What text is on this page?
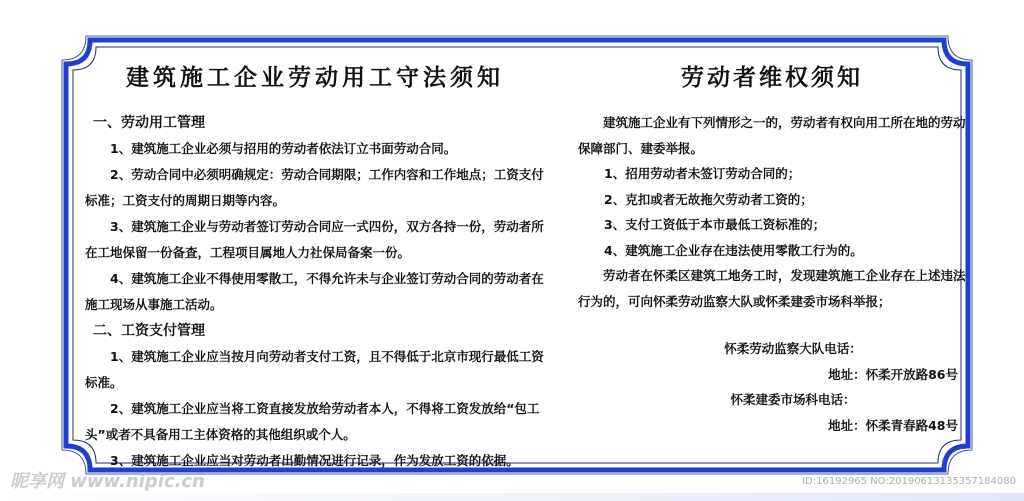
建筑施工企业劳动用工守法须知
一、劳动用工管理
1、建筑施工企业必须与招用的劳动者依法订立书面劳动合同。
2、劳动合同中必须明确规定：劳动合同期限；工作内容和工作地点；工资支付标准；工资支付的周期日期等内容。
3、建筑施工企业与劳动者签订劳动合同应一式四份，双方各持一份，劳动者所在工地保留一份备查，工程项目属地人力社保局备案一份。
4、建筑施工企业不得使用零散工，不得允许未与企业签订劳动合同的劳动者在施工现场从事施工活动。
二、工资支付管理
1、建筑施工企业应当按月向劳动者支付工资，且不得低于北京市现行最低工资标准。
2、建筑施工企业应当将工资直接发放给劳动者本人，不得将工资发放给“包工头”或者不具备用工主体资格的其他组织或个人。
3、建筑施工企业应当对劳动者出勤情况进行记录，作为发放工资的依据。
劳动者维权须知
建筑施工企业有下列情形之一的，劳动者有权向用工所在地的劳动保障部门、建委举报。
1、招用劳动者未签订劳动合同的；
2、克扣或者无故拖欠劳动者工资的；
3、支付工资低于本市最低工资标准的；
4、建筑施工企业存在违法使用零散工行为的。
劳动者在怀柔区建筑工地务工时，发现建筑施工企业存在上述违法行为的，可向怀柔劳动监察大队或怀柔建委市场科举报；
怀柔劳动监察大队电话：
地址：怀柔开放路86号
怀柔建委市场科电话：
地址：怀柔青春路48号
昵享网 www.nipic.cn	ID:16192965 NO:20190613135357184080
